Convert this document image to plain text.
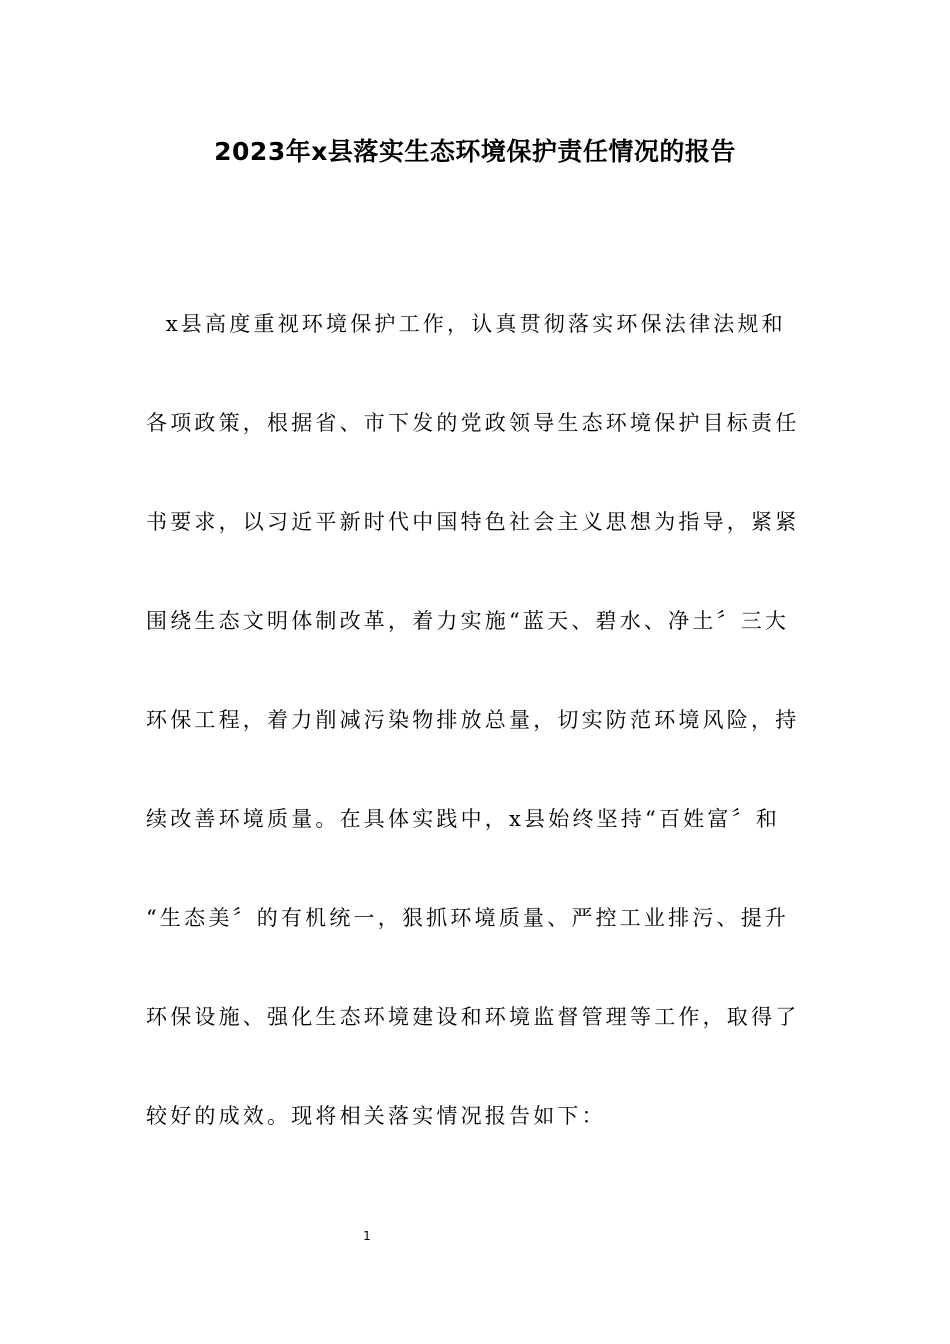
2023年x县落实生态环境保护责任情况的报告
x县高度重视环境保护工作，认真贯彻落实环保法律法规和
各项政策，根据省、市下发的党政领导生态环境保护目标责任
书要求，以习近平新时代中国特色社会主义思想为指导，紧紧
围绕生态文明体制改革，着力实施“蓝天、碧水、净土〞三大
环保工程，着力削减污染物排放总量，切实防范环境风险，持
续改善环境质量。在具体实践中，x县始终坚持“百姓富〞和
“生态美〞的有机统一，狠抓环境质量、严控工业排污、提升
环保设施、强化生态环境建设和环境监督管理等工作，取得了
较好的成效。现将相关落实情况报告如下：
1
